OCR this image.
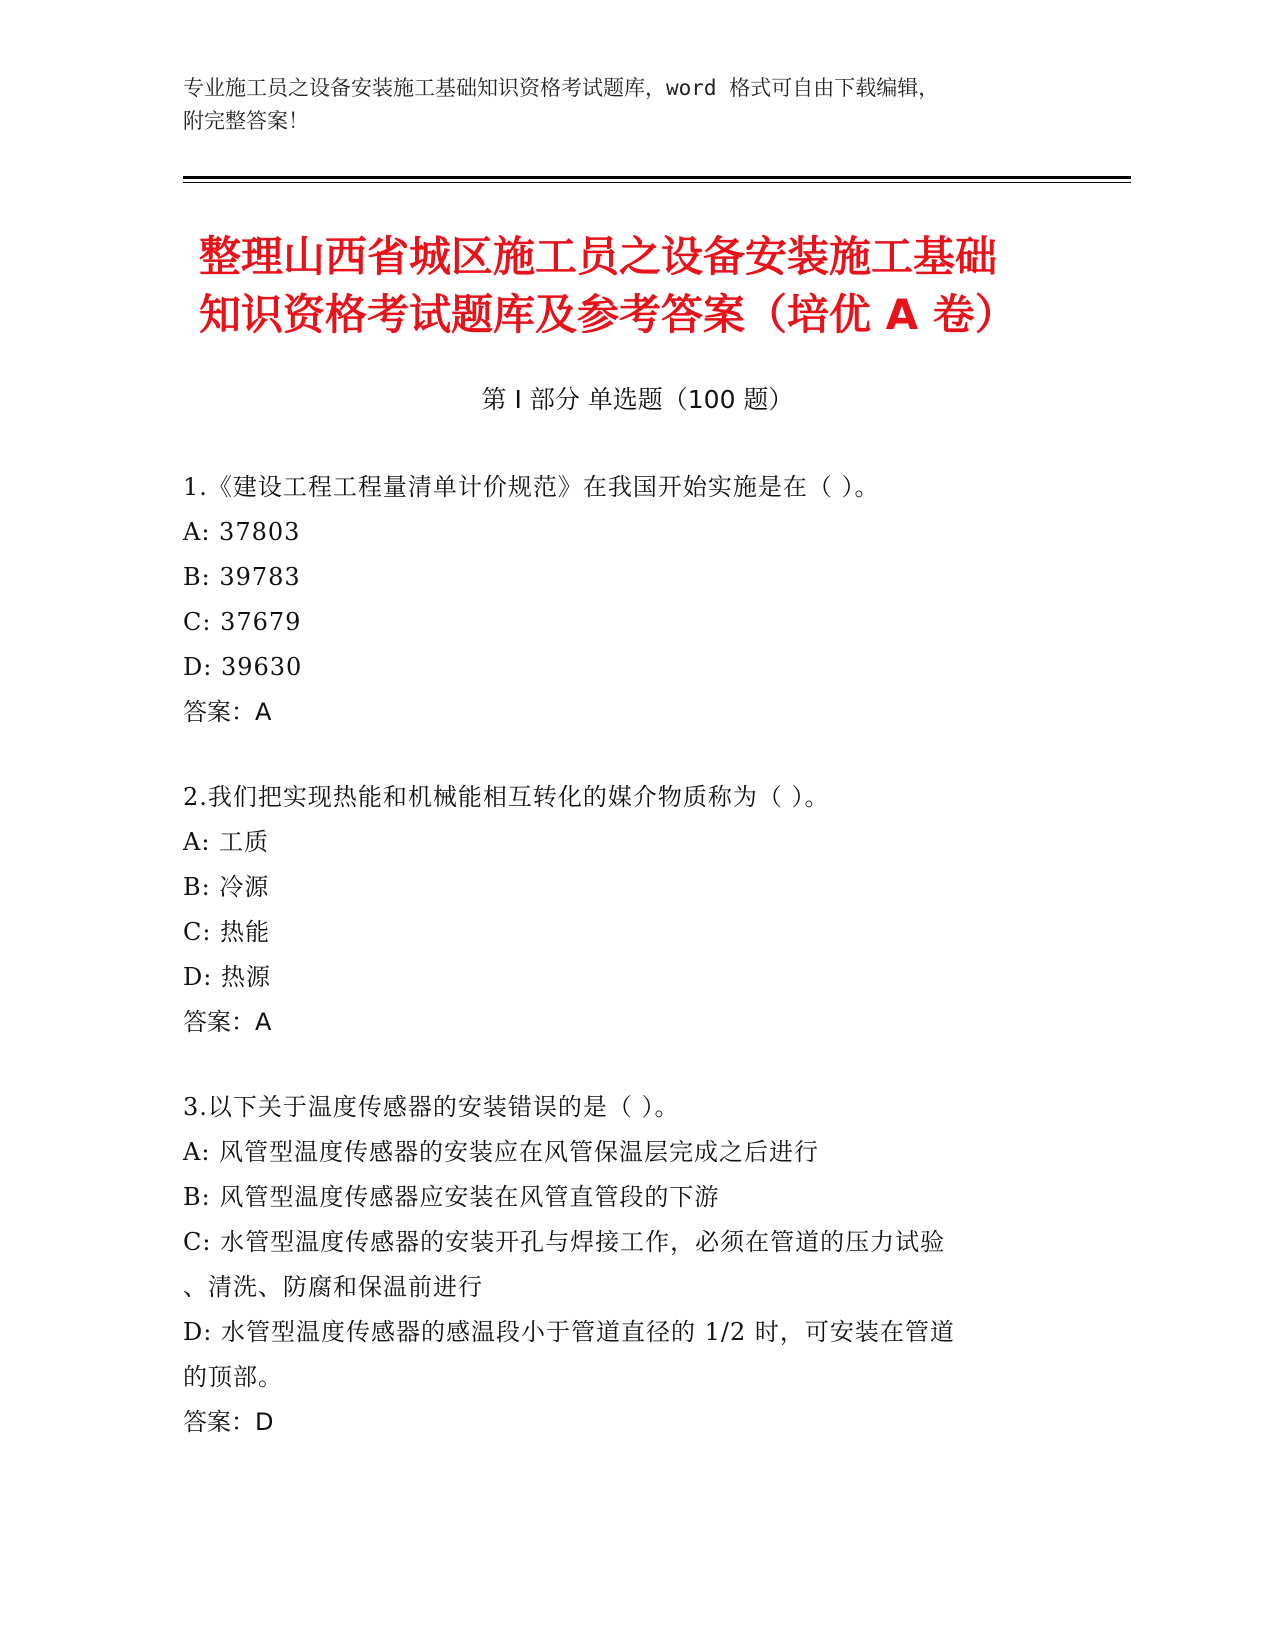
专业施工员之设备安装施工基础知识资格考试题库，word 格式可自由下载编辑，
附完整答案！
整理山西省城区施工员之设备安装施工基础
知识资格考试题库及参考答案（培优 A 卷）
第 I 部分 单选题（100 题）
1.《建设工程工程量清单计价规范》在我国开始实施是在（ ）。
A: 37803
B: 39783
C: 37679
D: 39630
答案：A
2.我们把实现热能和机械能相互转化的媒介物质称为（ ）。
A: 工质
B: 冷源
C: 热能
D: 热源
答案：A
3.以下关于温度传感器的安装错误的是（ ）。
A: 风管型温度传感器的安装应在风管保温层完成之后进行
B: 风管型温度传感器应安装在风管直管段的下游
C: 水管型温度传感器的安装开孔与焊接工作，必须在管道的压力试验
、清洗、防腐和保温前进行
D: 水管型温度传感器的感温段小于管道直径的 1/2 时，可安装在管道
的顶部。
答案：D
